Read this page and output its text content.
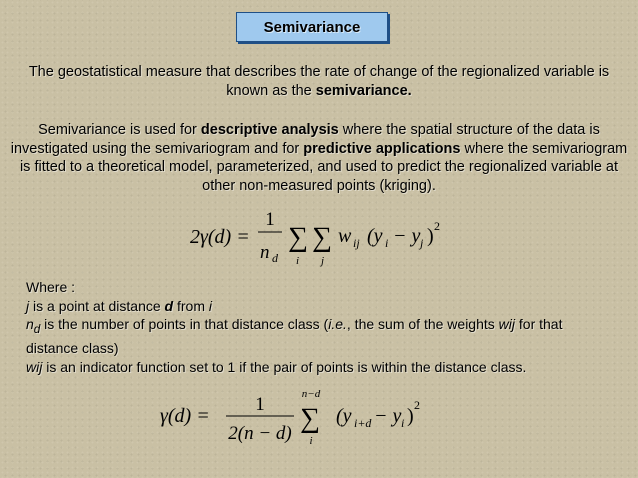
Semivariance
The geostatistical measure that describes the rate of change of the regionalized variable is known as the semivariance.
Semivariance is used for descriptive analysis where the spatial structure of the data is investigated using the semivariogram and for predictive applications where the semivariogram is fitted to a theoretical model, parameterized, and used to predict the regionalized variable at other non-measured points (kriging).
2γ(d) =
1
n d
∑
i
∑
j
w ij (y i − y j ) 2
Where :
j is a point at distance d from i
$n_d$ is the number of points in that distance class (i.e., the sum of the weights wij for that distance class)
wij is an indicator function set to 1 if the pair of points is within the distance class.
γ(d) =
1
2(n − d)
n−d
∑
i
(y i+d − y i ) 2
